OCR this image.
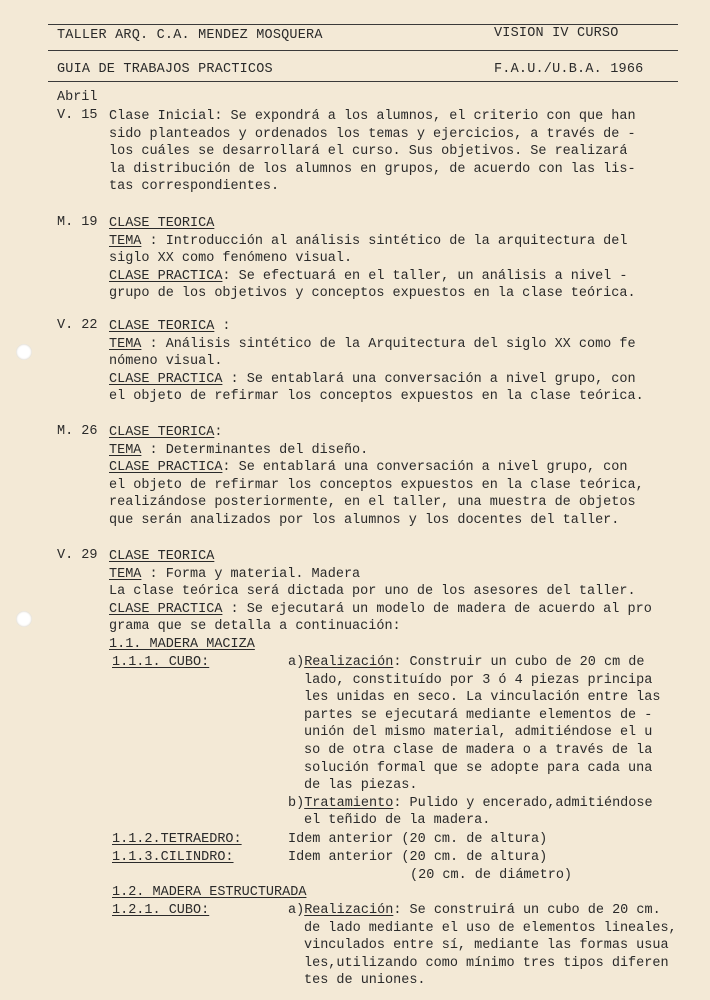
TALLER ARQ. C.A. MENDEZ MOSQUERA	VISION IV CURSO
GUIA DE TRABAJOS PRACTICOS	F.A.U./U.B.A. 1966
Abril
V. 15 Clase Inicial: Se expondrá a los alumnos, el criterio con que han
sido planteados y ordenados los temas y ejercicios, a través de -
los cuáles se desarrollará el curso. Sus objetivos. Se realizará
la distribución de los alumnos en grupos, de acuerdo con las lis-
tas correspondientes.
M. 19 CLASE TEORICA
TEMA : Introducción al análisis sintético de la arquitectura del
siglo XX como fenómeno visual.
CLASE PRACTICA: Se efectuará en el taller, un análisis a nivel -
grupo de los objetivos y conceptos expuestos en la clase teórica.
V. 22 CLASE TEORICA :
TEMA : Análisis sintético de la Arquitectura del siglo XX como fe
nómeno visual.
CLASE PRACTICA : Se entablará una conversación a nivel grupo, con
el objeto de refirmar los conceptos expuestos en la clase teórica.
M. 26 CLASE TEORICA:
TEMA : Determinantes del diseño.
CLASE PRACTICA: Se entablará una conversación a nivel grupo, con
el objeto de refirmar los conceptos expuestos en la clase teórica,
realizándose posteriormente, en el taller, una muestra de objetos
que serán analizados por los alumnos y los docentes del taller.
V. 29 CLASE TEORICA
TEMA : Forma y material. Madera
La clase teórica será dictada por uno de los asesores del taller.
CLASE PRACTICA : Se ejecutará un modelo de madera de acuerdo al pro
grama que se detalla a continuación:
1.1. MADERA MACIZA
1.1.1. CUBO:	a)Realización: Construir un cubo de 20 cm de
lado, constituído por 3 ó 4 piezas principa
les unidas en seco. La vinculación entre las
partes se ejecutará mediante elementos de -
unión del mismo material, admitiéndose el u
so de otra clase de madera o a través de la
solución formal que se adopte para cada una
de las piezas.
b)Tratamiento: Pulido y encerado,admitiéndose
el teñido de la madera.
1.1.2.TETRAEDRO:	Idem anterior (20 cm. de altura)
1.1.3.CILINDRO:	Idem anterior (20 cm. de altura)
(20 cm. de diámetro)
1.2. MADERA ESTRUCTURADA
1.2.1. CUBO:	a)Realización: Se construirá un cubo de 20 cm.
de lado mediante el uso de elementos lineales,
vinculados entre sí, mediante las formas usua
les,utilizando como mínimo tres tipos diferen
tes de uniones.
